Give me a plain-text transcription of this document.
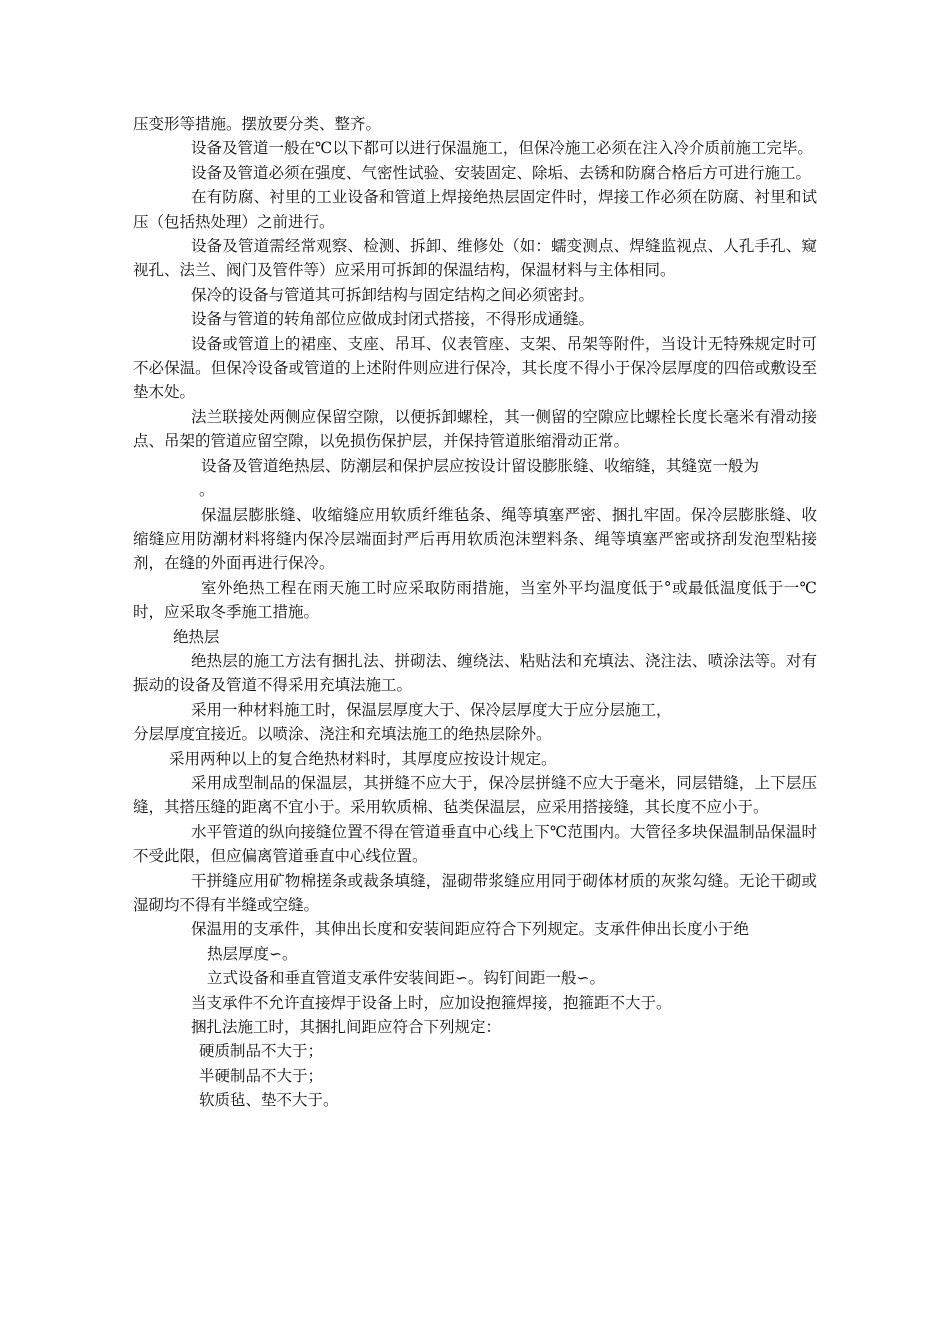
压变形等措施。摆放要分类、整齐。

设备及管道一般在℃以下都可以进行保温施工，但保冷施工必须在注入冷介质前施工完毕。

设备及管道必须在强度、气密性试验、安装固定、除垢、去锈和防腐合格后方可进行施工。

在有防腐、衬里的工业设备和管道上焊接绝热层固定件时，焊接工作必须在防腐、衬里和试压（包括热处理）之前进行。

设备及管道需经常观察、检测、拆卸、维修处（如：蠕变测点、焊缝监视点、人孔手孔、窥视孔、法兰、阀门及管件等）应采用可拆卸的保温结构，保温材料与主体相同。

保冷的设备与管道其可拆卸结构与固定结构之间必须密封。

设备与管道的转角部位应做成封闭式搭接，不得形成通缝。

设备或管道上的裙座、支座、吊耳、仪表管座、支架、吊架等附件，当设计无特殊规定时可不必保温。但保冷设备或管道的上述附件则应进行保冷，其长度不得小于保冷层厚度的四倍或敷设至垫木处。

法兰联接处两侧应保留空隙，以便拆卸螺栓，其一侧留的空隙应比螺栓长度长毫米有滑动接点、吊架的管道应留空隙，以免损伤保护层，并保持管道胀缩滑动正常。

设备及管道绝热层、防潮层和保护层应按设计留设膨胀缝、收缩缝，其缝宽一般为

。

保温层膨胀缝、收缩缝应用软质纤维毡条、绳等填塞严密、捆扎牢固。保冷层膨胀缝、收缩缝应用防潮材料将缝内保冷层端面封严后再用软质泡沫塑料条、绳等填塞严密或挤刮发泡型粘接剂，在缝的外面再进行保冷。

室外绝热工程在雨天施工时应采取防雨措施，当室外平均温度低于°或最低温度低于一℃时，应采取冬季施工措施。

绝热层

绝热层的施工方法有捆扎法、拼砌法、缠绕法、粘贴法和充填法、浇注法、喷涂法等。对有振动的设备及管道不得采用充填法施工。

采用一种材料施工时，保温层厚度大于、保冷层厚度大于应分层施工，

分层厚度宜接近。以喷涂、浇注和充填法施工的绝热层除外。

采用两种以上的复合绝热材料时，其厚度应按设计规定。

采用成型制品的保温层，其拼缝不应大于，保冷层拼缝不应大于毫米，同层错缝，上下层压缝，其搭压缝的距离不宜小于。采用软质棉、毡类保温层，应采用搭接缝，其长度不应小于。

水平管道的纵向接缝位置不得在管道垂直中心线上下℃范围内。大管径多块保温制品保温时不受此限，但应偏离管道垂直中心线位置。

干拼缝应用矿物棉搓条或裁条填缝，湿砌带浆缝应用同于砌体材质的灰浆勾缝。无论干砌或湿砌均不得有半缝或空缝。

保温用的支承件，其伸出长度和安装间距应符合下列规定。支承件伸出长度小于绝

热层厚度∽。

立式设备和垂直管道支承件安装间距∽。钩钉间距一般∽。

当支承件不允许直接焊于设备上时，应加设抱箍焊接，抱箍距不大于。

捆扎法施工时，其捆扎间距应符合下列规定：

硬质制品不大于；

半硬制品不大于；

软质毡、垫不大于。
